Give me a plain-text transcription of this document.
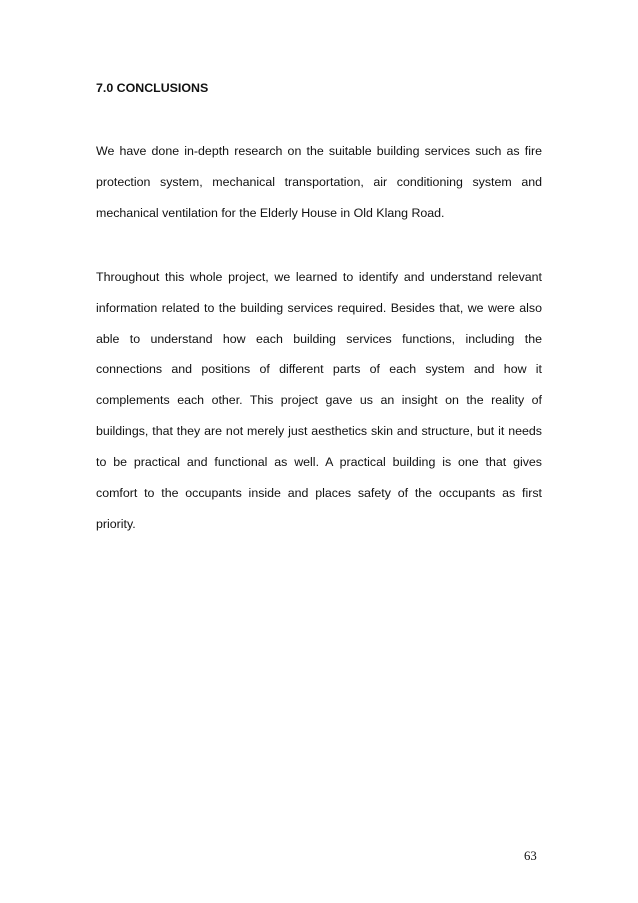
7.0 CONCLUSIONS

We have done in-depth research on the suitable building services such as fire protection system, mechanical transportation, air conditioning system and mechanical ventilation for the Elderly House in Old Klang Road.

Throughout this whole project, we learned to identify and understand relevant information related to the building services required. Besides that, we were also able to understand how each building services functions, including the connections and positions of different parts of each system and how it complements each other. This project gave us an insight on the reality of buildings, that they are not merely just aesthetics skin and structure, but it needs to be practical and functional as well. A practical building is one that gives comfort to the occupants inside and places safety of the occupants as first priority.

63
